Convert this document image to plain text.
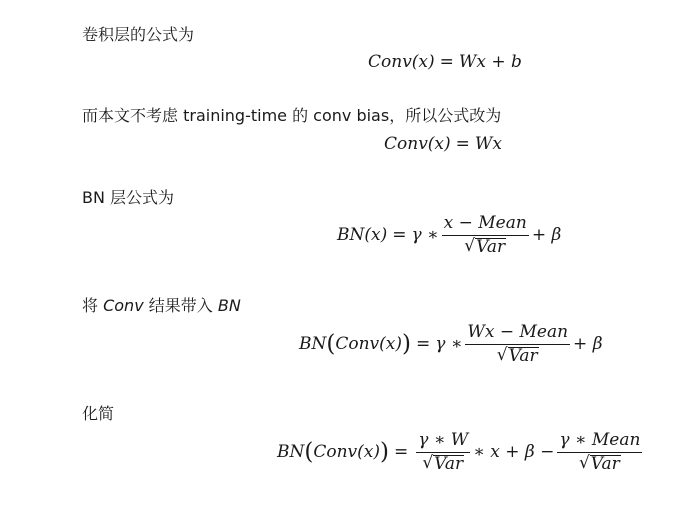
卷积层的公式为
而本文不考虑 training-time 的 conv bias，所以公式改为
BN 层公式为
将 Conv 结果带入 BN
化简
Conv(x) = Wx + b
Conv(x) = Wx
BN(x) = γ ∗ $\frac{\text{x − Mean}}{\text{√ Var}} + \beta$
BN ( Conv(x) ) = γ ∗ $\frac{\text{Wx − Mean}}{\text{√ Var}} + \beta$
BN ( Conv(x) ) = $\frac{\gamma ∗ W}{\text{√ Var}}$ ∗ $x + \beta - \frac{\text{γ ∗ Mean}}{\text{√ Var}}$
